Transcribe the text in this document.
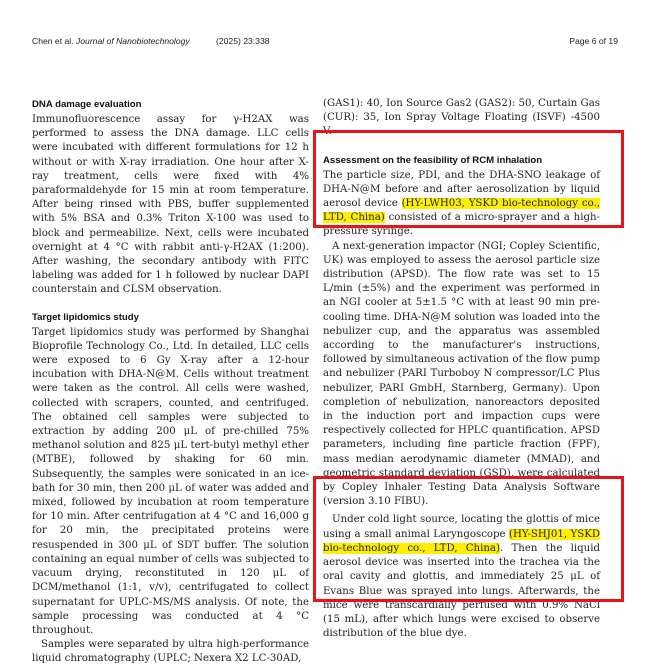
Chen et al. Journal of Nanobiotechnology	(2025) 23:338	Page 6 of 19
DNA damage evaluation

Immunofluorescence assay for γ-H2AX was performed to assess the DNA damage. LLC cells were incubated with different formulations for 12 h without or with X-ray irradiation. One hour after X-ray treatment, cells were fixed with 4% paraformaldehyde for 15 min at room temperature. After being rinsed with PBS, buffer supplemented with 5% BSA and 0.3% Triton X-100 was used to block and permeabilize. Next, cells were incubated overnight at 4 °C with rabbit anti-γ-H2AX (1:200). After washing, the secondary antibody with FITC labeling was added for 1 h followed by nuclear DAPI counterstain and CLSM observation.

Target lipidomics study

Target lipidomics study was performed by Shanghai Bioprofile Technology Co., Ltd. In detailed, LLC cells were exposed to 6 Gy X-ray after a 12-hour incubation with DHA-N@M. Cells without treatment were taken as the control. All cells were washed, collected with scrapers, counted, and centrifuged. The obtained cell samples were subjected to extraction by adding 200 μL of pre-chilled 75% methanol solution and 825 μL tert-butyl methyl ether (MTBE), followed by shaking for 60 min. Subsequently, the samples were sonicated in an ice-bath for 30 min, then 200 μL of water was added and mixed, followed by incubation at room temperature for 10 min. After centrifugation at 4 °C and 16,000 g for 20 min, the precipitated proteins were resuspended in 300 μL of SDT buffer. The solution containing an equal number of cells was subjected to vacuum drying, reconstituted in 120 μL of DCM/methanol (1:1, v/v), centrifugated to collect supernatant for UPLC-MS/MS analysis. Of note, the sample processing was conducted at 4 °C throughout.

Samples were separated by ultra high-performance liquid chromatography (UPLC; Nexera X2 LC-30AD,

(GAS1): 40, Ion Source Gas2 (GAS2): 50, Curtain Gas (CUR): 35, Ion Spray Voltage Floating (ISVF) -4500 V.

Assessment on the feasibility of RCM inhalation

The particle size, PDI, and the DHA-SNO leakage of DHA-N@M before and after aerosolization by liquid aerosol device (HY-LWH03, YSKD bio-technology co., LTD, China) consisted of a micro-sprayer and a high-pressure syringe.

A next-generation impactor (NGI; Copley Scientific, UK) was employed to assess the aerosol particle size distribution (APSD). The flow rate was set to 15 L/min (±5%) and the experiment was performed in an NGI cooler at 5±1.5 °C with at least 90 min pre-cooling time. DHA-N@M solution was loaded into the nebulizer cup, and the apparatus was assembled according to the manufacturer's instructions, followed by simultaneous activation of the flow pump and nebulizer (PARI Turboboy N compressor/LC Plus nebulizer, PARI GmbH, Starnberg, Germany). Upon completion of nebulization, nanoreactors deposited in the induction port and impaction cups were respectively collected for HPLC quantification. APSD parameters, including fine particle fraction (FPF), mass median aerodynamic diameter (MMAD), and geometric standard deviation (GSD), were calculated by Copley Inhaler Testing Data Analysis Software (version 3.10 FIBU).

Under cold light source, locating the glottis of mice using a small animal Laryngoscope (HY-SHJ01, YSKD bio-technology co., LTD, China). Then the liquid aerosol device was inserted into the trachea via the oral cavity and glottis, and immediately 25 μL of Evans Blue was sprayed into lungs. Afterwards, the mice were transcardially perfused with 0.9% NaCl (15 mL), after which lungs were excised to observe distribution of the blue dye.
